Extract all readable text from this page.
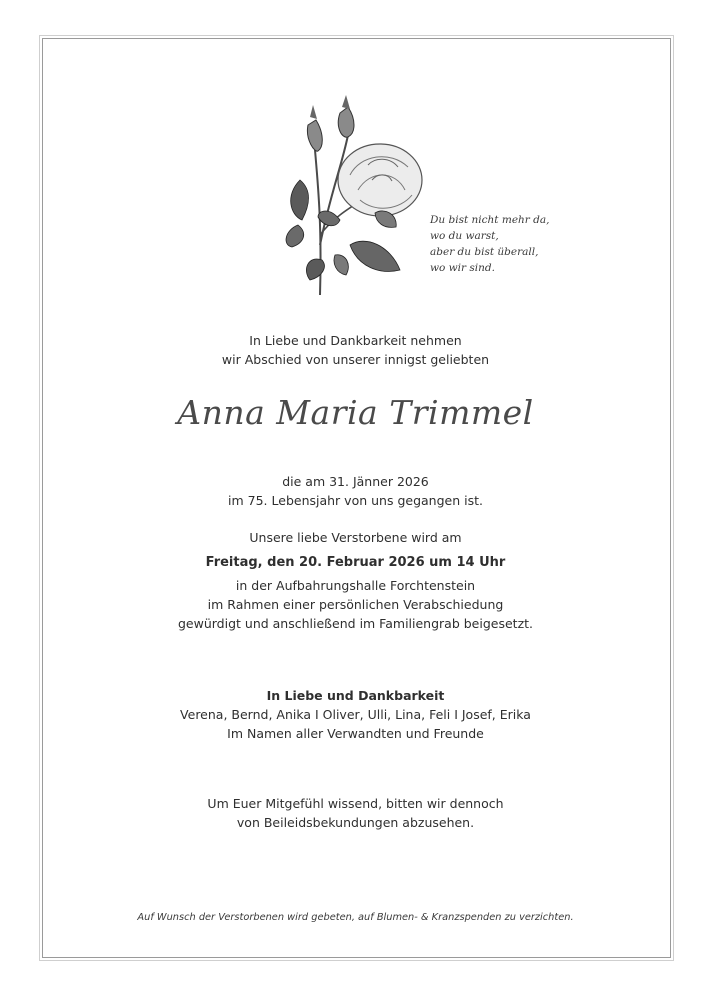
Du bist nicht mehr da,
wo du warst,
aber du bist überall,
wo wir sind.
In Liebe und Dankbarkeit nehmen
wir Abschied von unserer innigst geliebten
Anna Maria Trimmel
die am 31. Jänner 2026
im 75. Lebensjahr von uns gegangen ist.
Unsere liebe Verstorbene wird am
Freitag, den 20. Februar 2026 um 14 Uhr
in der Aufbahrungshalle Forchtenstein
im Rahmen einer persönlichen Verabschiedung
gewürdigt und anschließend im Familiengrab beigesetzt.
In Liebe und Dankbarkeit
Verena, Bernd, Anika I Oliver, Ulli, Lina, Feli I Josef, Erika
Im Namen aller Verwandten und Freunde
Um Euer Mitgefühl wissend, bitten wir dennoch
von Beileidsbekundungen abzusehen.
Auf Wunsch der Verstorbenen wird gebeten, auf Blumen- & Kranzspenden zu verzichten.
